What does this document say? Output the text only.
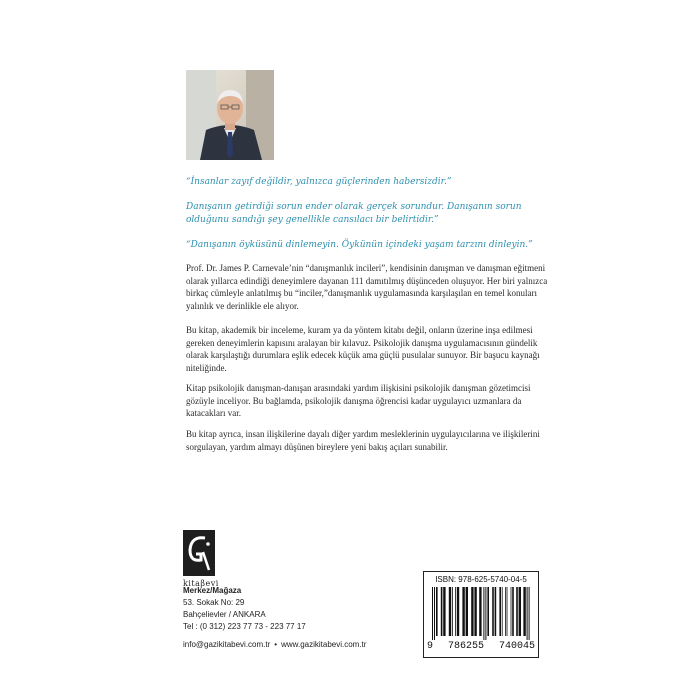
“İnsanlar zayıf değildir, yalnızca güçlerinden habersizdir.”

Danışanın getirdiği sorun ender olarak gerçek sorundur. Danışanın sorun olduğunu sandığı şey genellikle cansılacı bir belirtidir.”

“Danışanın öyküsünü dinlemeyin. Öykünün içindeki yaşam tarzını dinleyin.”

Prof. Dr. James P. Carnevale’nin “danışmanlık incileri”, kendisinin danışman ve danışman eğitmeni olarak yıllarca edindiği deneyimlere dayanan 111 damıtılmış düşünceden oluşuyor. Her biri yalnızca birkaç cümleyle anlatılmış bu “inciler,”danışmanlık uygulamasında karşılaşılan en temel konuları yalınlık ve derinlikle ele alıyor.

Bu kitap, akademik bir inceleme, kuram ya da yöntem kitabı değil, onların üzerine inşa edilmesi gereken deneyimlerin kapısını aralayan bir kılavuz. Psikolojik danışma uygulamacısının gündelik olarak karşılaştığı durumlara eşlik edecek küçük ama güçlü pusulalar sunuyor. Bir başucu kaynağı niteliğinde.

Kitap psikolojik danışman-danışan arasındaki yardım ilişkisini psikolojik danışman gözetimcisi gözüyle inceliyor. Bu bağlamda, psikolojik danışma öğrencisi kadar uygulayıcı uzmanlara da katacakları var.

Bu kitap ayrıca, insan ilişkilerine dayalı diğer yardım mesleklerinin uygulayıcılarına ve ilişkilerini sorgulayan, yardım almayı düşünen bireylere yeni bakış açıları sunabilir.

kitaβevi

Merkez/Mağaza

53. Sokak No: 29

Bahçelievler / ANKARA

Tel : (0 312) 223 77 73 - 223 77 17

info@gazikitabevi.com.tr • www.gazikitabevi.com.tr
ISBN: 978-625-5740-04-5
9 786255 740045
